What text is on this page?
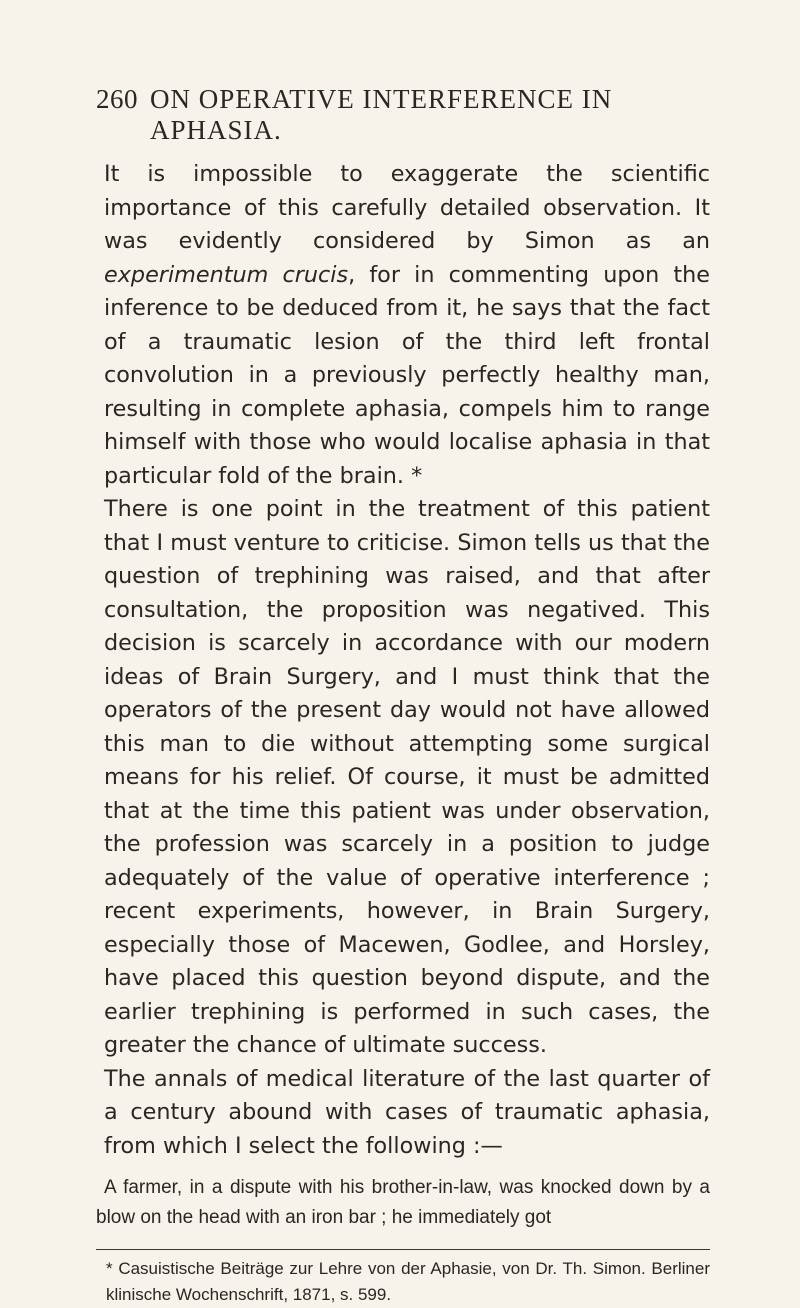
260 ON OPERATIVE INTERFERENCE IN APHASIA.

It is impossible to exaggerate the scientific importance of this carefully detailed observation. It was evidently considered by Simon as an experimentum crucis, for in commenting upon the inference to be deduced from it, he says that the fact of a traumatic lesion of the third left frontal convolution in a previously perfectly healthy man, resulting in complete aphasia, compels him to range himself with those who would localise aphasia in that particular fold of the brain. *

There is one point in the treatment of this patient that I must venture to criticise. Simon tells us that the question of trephining was raised, and that after consultation, the proposition was negatived. This decision is scarcely in accordance with our modern ideas of Brain Surgery, and I must think that the operators of the present day would not have allowed this man to die without attempting some surgical means for his relief. Of course, it must be admitted that at the time this patient was under observation, the profession was scarcely in a position to judge adequately of the value of operative interference ; recent experiments, however, in Brain Surgery, especially those of Macewen, Godlee, and Horsley, have placed this question beyond dispute, and the earlier trephining is performed in such cases, the greater the chance of ultimate success.

The annals of medical literature of the last quarter of a century abound with cases of traumatic aphasia, from which I select the following :—

A farmer, in a dispute with his brother-in-law, was knocked down by a blow on the head with an iron bar ; he immediately got

* Casuistische Beiträge zur Lehre von der Aphasie, von Dr. Th. Simon. Berliner klinische Wochenschrift, 1871, s. 599.
